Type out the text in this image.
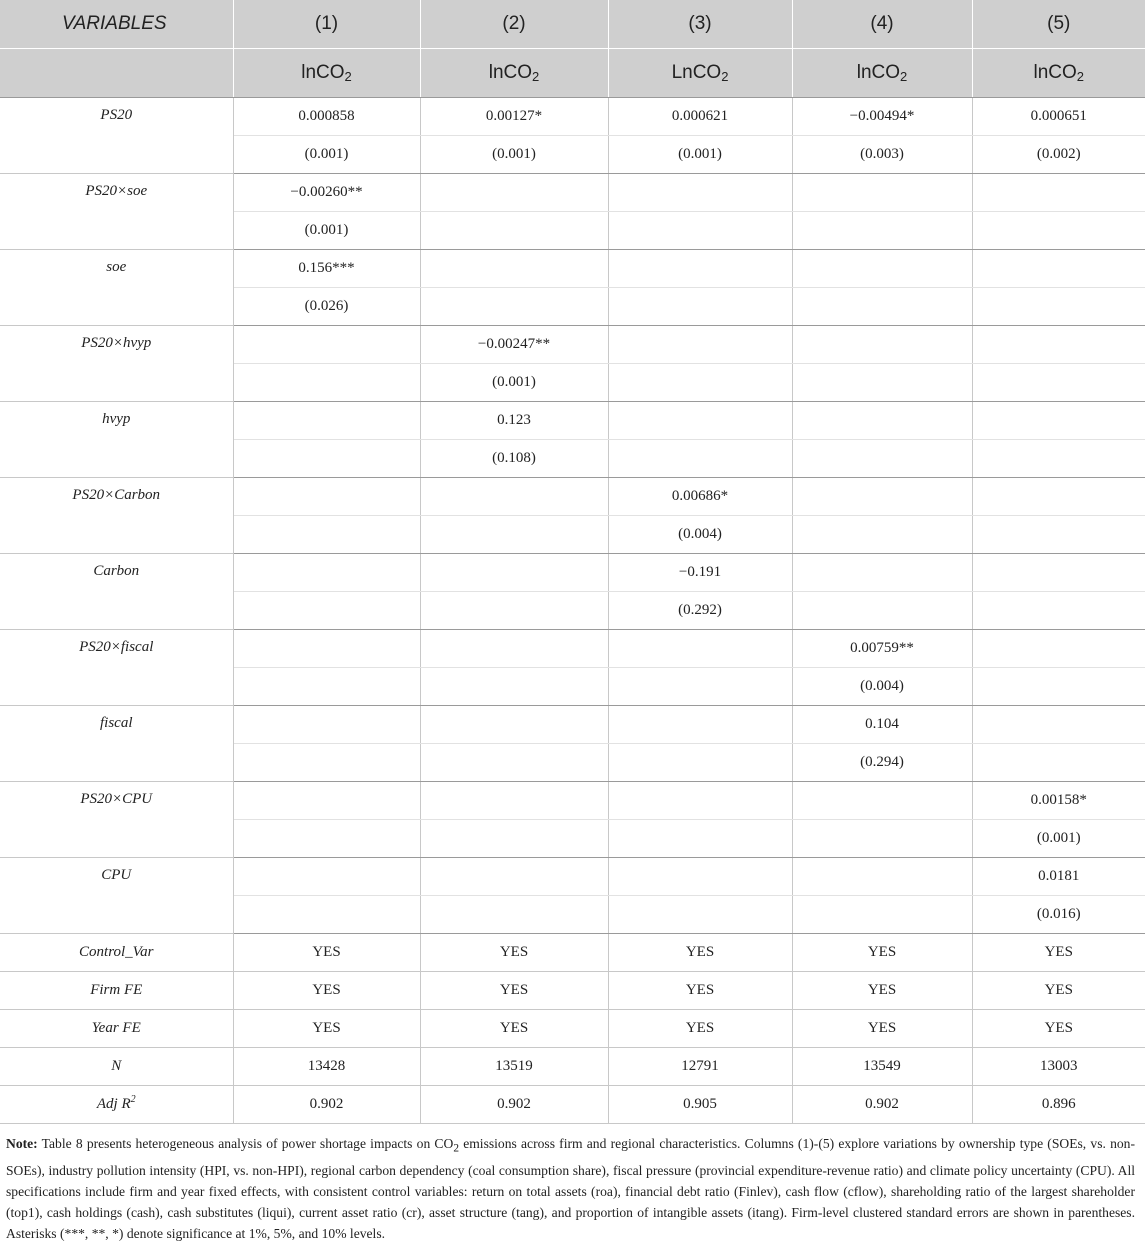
VARIABLES	(1)	(2)	(3)	(4)	(5)
	lnCO$_2$	lnCO$_2$	LnCO$_2$	lnCO$_2$	lnCO$_2$
PS20	0.000858	0.00127*	0.000621	−0.00494*	0.000651
	(0.001)	(0.001)	(0.001)	(0.003)	(0.002)
PS20×soe	−0.00260**				
	(0.001)				
soe	0.156***				
	(0.026)				
PS20×hvyp		−0.00247**			
		(0.001)			
hvyp		0.123			
		(0.108)			
PS20×Carbon			0.00686*		
			(0.004)		
Carbon			−0.191		
			(0.292)		
PS20×fiscal				0.00759**	
				(0.004)	
fiscal				0.104	
				(0.294)	
PS20×CPU					0.00158*
					(0.001)
CPU					0.0181
					(0.016)
Control_Var	YES	YES	YES	YES	YES
Firm FE	YES	YES	YES	YES	YES
Year FE	YES	YES	YES	YES	YES
N	13428	13519	12791	13549	13003
Adj $R^2$	0.902	0.902	0.905	0.902	0.896
Note: Table 8 presents heterogeneous analysis of power shortage impacts on $CO_2$ emissions across firm and regional characteristics. Columns (1)-(5) explore variations by ownership type (SOEs, vs. non-SOEs), industry pollution intensity (HPI, vs. non-HPI), regional carbon dependency (coal consumption share), fiscal pressure (provincial expenditure-revenue ratio) and climate policy uncertainty (CPU). All specifications include firm and year fixed effects, with consistent control variables: return on total assets (roa), financial debt ratio (Finlev), cash flow (cflow), shareholding ratio of the largest shareholder (top1), cash holdings (cash), cash substitutes (liqui), current asset ratio (cr), asset structure (tang), and proportion of intangible assets (itang). Firm-level clustered standard errors are shown in parentheses. Asterisks (***, **, *) denote significance at 1%, 5%, and 10% levels.
